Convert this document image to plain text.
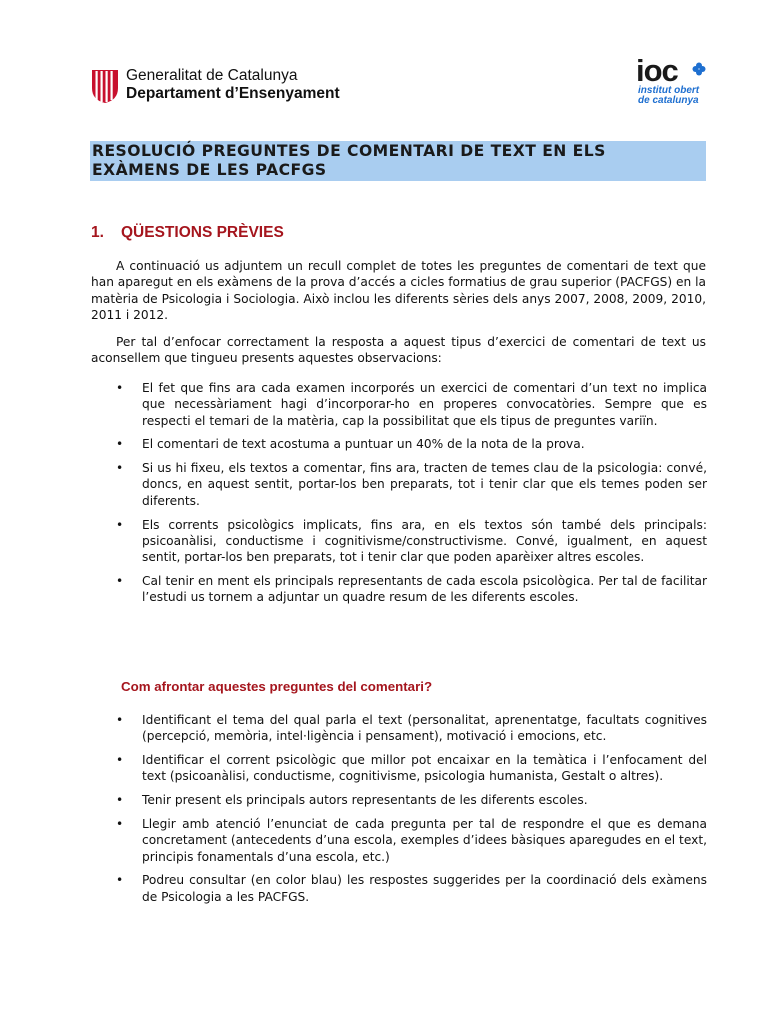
Generalitat de Catalunya
Departament d’Ensenyament
ioc
institut obert de catalunya
RESOLUCIÓ PREGUNTES DE COMENTARI DE TEXT EN ELS
EXÀMENS DE LES PACFGS
1. QÜESTIONS PRÈVIES

A continuació us adjuntem un recull complet de totes les preguntes de comentari de text que han aparegut en els exàmens de la prova d’accés a cicles formatius de grau superior (PACFGS) en la matèria de Psicologia i Sociologia. Això inclou les diferents sèries dels anys 2007, 2008, 2009, 2010, 2011 i 2012.

Per tal d’enfocar correctament la resposta a aquest tipus d’exercici de comentari de text us aconsellem que tingueu presents aquestes observacions:

• El fet que fins ara cada examen incorporés un exercici de comentari d’un text no implica que necessàriament hagi d’incorporar-ho en properes convocatòries. Sempre que es respecti el temari de la matèria, cap la possibilitat que els tipus de preguntes variïn.
• El comentari de text acostuma a puntuar un 40% de la nota de la prova.
• Si us hi fixeu, els textos a comentar, fins ara, tracten de temes clau de la psicologia: convé, doncs, en aquest sentit, portar-los ben preparats, tot i tenir clar que els temes poden ser diferents.
• Els corrents psicològics implicats, fins ara, en els textos són també dels principals: psicoanàlisi, conductisme i cognitivisme/constructivisme. Convé, igualment, en aquest sentit, portar-los ben preparats, tot i tenir clar que poden aparèixer altres escoles.
• Cal tenir en ment els principals representants de cada escola psicològica. Per tal de facilitar l’estudi us tornem a adjuntar un quadre resum de les diferents escoles.
Com afrontar aquestes preguntes del comentari?
• Identificant el tema del qual parla el text (personalitat, aprenentatge, facultats cognitives (percepció, memòria, intel·ligència i pensament), motivació i emocions, etc.
• Identificar el corrent psicològic que millor pot encaixar en la temàtica i l’enfocament del text (psicoanàlisi, conductisme, cognitivisme, psicologia humanista, Gestalt o altres).
• Tenir present els principals autors representants de les diferents escoles.
• Llegir amb atenció l’enunciat de cada pregunta per tal de respondre el que es demana concretament (antecedents d’una escola, exemples d’idees bàsiques aparegudes en el text, principis fonamentals d’una escola, etc.)
• Podreu consultar (en color blau) les respostes suggerides per la coordinació dels exàmens de Psicologia a les PACFGS.
